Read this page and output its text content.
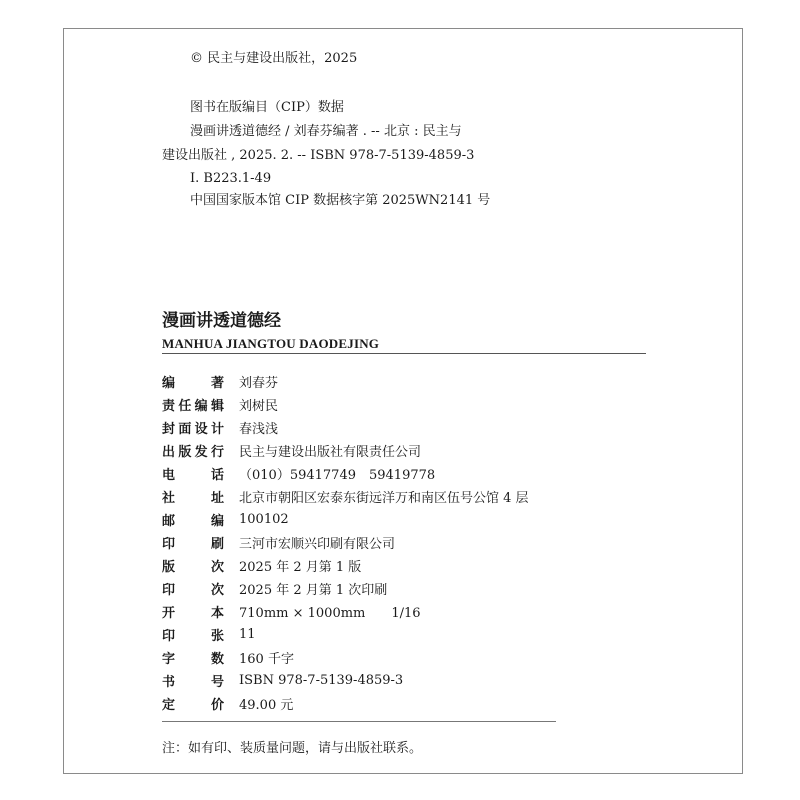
© 民主与建设出版社，2025
图书在版编目（CIP）数据
漫画讲透道德经 / 刘春芬编著 . -- 北京 : 民主与
建设出版社 , 2025. 2. -- ISBN 978-7-5139-4859-3
I. B223.1-49
中国国家版本馆 CIP 数据核字第 2025WN2141 号
漫画讲透道德经
MANHUA JIANGTOU DAODEJING
编	著 刘春芬
责 任 编 辑 刘树民
封 面 设 计 春浅浅
出 版 发 行 民主与建设出版社有限责任公司
电	话 （010）59417749　59419778
社	址 北京市朝阳区宏泰东街远洋万和南区伍号公馆 4 层
邮	编 100102
印	刷 三河市宏顺兴印刷有限公司
版	次 2025 年 2 月第 1 版
印	次 2025 年 2 月第 1 次印刷
开	本 710mm × 1000mm　　1/16
印	张 11
字	数 160 千字
书	号 ISBN 978-7-5139-4859-3
定	价 49.00 元
注：如有印、装质量问题，请与出版社联系。
